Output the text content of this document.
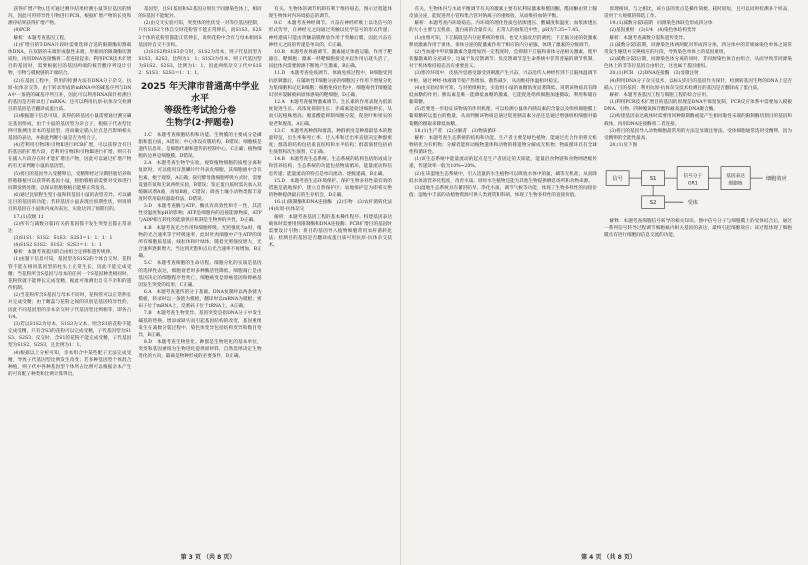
获得扩增产物),还可通过测序结果检测小鼠等位基因的情况，因此可用特异性引物进行PCR，根据扩增产物的长度和测序结果获得扩增产物。

(4)PCR

解析：本题考查基因工程。

(1)扩增目的T-DNA片段时需要选择合适的限制酶切割载体DNA，在双链的末端形成黏性末端，用相同的限制酶切割质粒，再用DNA连接酶将二者连接起来；利用PCR技术扩增目的基因时，需要根据目的基因两端的核苷酸序列设计引物，引物与模板链的3'端结合。

(2)在基因工程中，常用的检测方法有DNA分子杂交、抗原-抗体杂交等，由于转录形成的mRNA中的碱基序列与DNA中一条链的碱基序列互补，因此可以利用RNA探针检测目的基因是否转录出了mRNA；还可以利用抗原-抗体杂交检测目的基因是否翻译成蛋白质。

(3)根据题干信息可知，获得的转基因小鼠需要通过测交确定基因组成，由于小鼠的基因型为杂合子，根据子代表型比例可推测出亲本的基因型，进而确定插入位点是否影响相关基因的表达，并据此判断小鼠是否为纯合子。

(4)若利用引物Ⅰ和引物Ⅱ进行PCR扩增，可以获得含有目的基因的扩增片段，若利用引物Ⅰ和引物Ⅲ进行扩增，则只有在插入片段存在时才能扩增出产物，因此可以通过扩增产物的有无来判断小鼠的基因型。

(5)将目的基因导入受精卵后，受精卵经过早期胚胎培养和胚胎移植可以获得转基因小鼠，胚胎移植前需要对受体进行同期发情处理，以保证胚胎移植后能够正常发育。

(6)通过比较野生型小鼠和转基因小鼠的表型差异，可以确定目的基因的功能；若转基因小鼠表现出预期性状，则说明目的基因在小鼠体内成功表达，实验达到了预期目的。

17.(1)次级 11

(2)所有与减数分裂Ⅰ有关的基因都不发生突变且都正常表达

(3)S1S1：S1S2：S1S3：S2S3＝1：1：1：1

(4)S1S2 S1S2：S1S3：S2S3＝1：1：1

解析：本题考查基因的自由组合定律和遗传规律。

(1)由题干信息可知，基因型为S1S2的个体自交时，花粉管不能在相同基因型的柱头上正常生长，因此不能完成受精；当花粉所含S基因与母本的任何一个S基因种类相同时，花粉管就不能伸长完成受精，据此可推测出自交不亲和的遗传机制。

(2)当花粉所含S基因与母本不同时，花粉管可以正常伸长并完成受精；由于雌蕊与花粉之间的识别是基因特异性的，因此不同基因型的亲本杂交时子代基因型比例相等，即各占1/4。

(3)若以S1S2为母本，S1S3为父本，则含S1的花粉不能完成受精，只有含S3的花粉可以完成受精，子代基因型为S1S3、S2S3；反交时，含S1的花粉不能完成受精，子代基因型为S1S2、S2S3，且比例为1：1。

(4)根据以上分析可知，亲本组合中某些配子无法完成受精，导致子代基因型比例发生改变；若多种基因型个体混合种植，则子代中各种基因型个体所占比例可以根据亲本产生的可育配子种类和比例计算得出。

基因型，且S1基因和S2基因分别位于同源染色体上，相同的S基因不能配对。

(2)由交叉实验可知，突变体的性状受一对等位基因控制，只有S1S2个体自交时花粉管不能正常伸长，而S1S3、S2S3个体的花粉管都能正常伸长，说明花粉中含有与母本相同S基因时自交不亲和。

(3)S1S2和S1S3杂交时，S1S2为母本，则子代基因型为S1S3、S2S3，比例为1：1；S1S3为母本，则子代基因型为S1S2、S2S3，比例为1：1，因此两组杂交子代中S1S2：S1S3：S2S3＝1：1：1。

2025 年天津市普通高中学业水平
等级性考试抢分卷
生物学(2·押题卷)

1.C　本题考查细胞结构和功能。生物膜的主要成分是磷脂和蛋白质，A错误；中心体没有膜结构，B错误；细胞核是遗传信息库，是细胞代谢和遗传的控制中心，C正确；植物细胞的边界是细胞膜，D错误。

2.A　本题考查生物学实验。观察植物细胞的质壁分离和复原时，可以使用洋葱鳞片叶外表皮细胞，其细胞液中含有色素，便于观察，A正确；探究酵母菌细胞呼吸方式时，需要设置有氧和无氧两组实验，B错误；鉴定蛋白质时需先加入双缩脲试剂A液，再加B液，C错误；调查土壤小动物类群丰富度时常用取样器取样法，D错误。

3.D　本题考查酶与ATP。酶具有高效性和专一性，其活性受温度和pH的影响；ATP是细胞内的直接能源物质，ATP与ADP相互转化的能量供应机制是生物界的共性，D正确。

4.B　本题考查光合作用和细胞呼吸。光照强度为a时，植物的光合速率等于呼吸速率，此时叶肉细胞中产生ATP的场所有细胞质基质、线粒体和叶绿体；随着光照强度增大，光合速率逐渐增大，当达到光饱和点后光合速率不再增加，B正确。

5.C　本题考查细胞的生命历程。细胞分化的实质是基因的选择性表达，细胞衰老时多种酶活性降低，细胞凋亡是由基因决定的细胞程序性死亡，细胞癌变是原癌基因和抑癌基因发生突变的结果，C正确。

6.A　本题考查遗传的分子基础。DNA复制时以两条链为模板，转录时以一条链为模板，翻译时以mRNA为模板；密码子位于mRNA上，反密码子位于tRNA上，A正确。

7.B　本题考查生物变异。基因突变是指DNA分子中发生碱基的替换、增添或缺失而引起基因结构的改变，基因重组发生在减数分裂过程中，染色体变异包括结构变异和数目变异，B正确。

8.D　本题考查生物进化。种群是生物进化的基本单位，突变和基因重组为生物进化提供原材料，自然选择决定生物进化的方向，隔离是物种形成的必要条件，D正确。

有关。生物体的调节机制有利于维持稳态，图示过程能体现生物体对内环境稳态的调节。

9.C　本题考查神经调节。兴奋在神经纤维上以电信号的形式传导，在神经元之间通过突触以化学信号的形式传递；神经递质只能由突触前膜释放作用于突触后膜，因此兴奋在神经元之间的传递是单向的，C正确。

10.B　本题考查体液调节。激素通过体液运输，作用于靶器官、靶细胞；激素一经靶细胞接受并起作用后就失活了，因此体内需要源源不断地产生激素，B正确。

11.D　本题考查免疫调节。体液免疫过程中，B细胞受到抗原刺激后，在辅助性T细胞分泌的细胞因子作用下增殖分化为浆细胞和记忆B细胞；细胞免疫过程中，细胞毒性T细胞能识别并裂解被病原体感染的靶细胞，D正确。

12.A　本题考查植物激素调节。生长素的作用表现为低浓度促进生长、高浓度抑制生长；赤霉素能促进细胞伸长，从而引起植株增高；脱落酸能抑制细胞分裂，促进叶和果实的衰老和脱落，A正确。

13.C　本题考查种群和群落。种群密度是种群最基本的数量特征，出生率和死亡率、迁入率和迁出率直接决定种群密度；群落的结构包括垂直结构和水平结构；群落演替包括初生演替和次生演替，C正确。

14.B　本题考查生态系统。生态系统的结构包括组成成分和营养结构，生态系统的功能包括物质循环、能量流动和信息传递；能量流动的特点是单向流动、逐级递减，B正确。

15.D　本题考查生态环境保护。保护生物多样性最有效的措施是就地保护，建立自然保护区；易地保护是为即将灭绝的物种提供最后的生存机会，D正确。

16.(1)限制酶和DNA连接酶　(2)引物　(3)农杆菌转化法　(4)抗原-抗体杂交

解析：本题考查基因工程的基本操作程序。构建基因表达载体时需要用到限制酶和DNA连接酶；PCR扩增目的基因时需要设计引物；将目的基因导入植物细胞常用农杆菌转化法；检测目的基因是否翻译成蛋白质可用抗原-抗体杂交技术。

第 3 页 （共 8 页）

有关。生物体内与水盐平衡调节有关的激素主要有抗利尿激素和醛固酮，醛固酮由肾上腺皮质分泌，能促进肾小管和集合管对钠离子的重吸收，从而维持血钠平衡。

解析：本题考查内环境稳态。内环境的理化性质包括渗透压、酸碱度和温度；血浆渗透压的大小主要与无机盐、蛋白质的含量有关；正常人的血浆近中性，pH为7.35~7.45。

(1)由图可知，下丘脑既是内分泌系统的枢纽，也受大脑皮层的调控；下丘脑分泌的促激素释放激素作用于垂体，垂体分泌的促激素作用于相应的内分泌腺，体现了激素的分级调节。

(2)当血液中甲状腺激素含量增加到一定程度时，会抑制下丘脑和垂体分泌相关激素，使甲状腺激素的分泌减少，这属于负反馈调节；负反馈调节是生命系统中非常普遍的调节机制，对于机体维持稳态具有重要意义。

(3)寒冷环境中，皮肤冷觉感受器受到刺激产生兴奋，兴奋沿传入神经传到下丘脑体温调节中枢，通过神经-体液调节使产热增加、散热减少，从而维持体温相对稳定。

(4)由实验结果可知，与对照组相比，实验组小鼠的血糖浓度显著降低，说明该物质具有降低血糖的作用；胰岛素是唯一能降低血糖的激素，它能促进组织细胞加速摄取、利用和储存葡萄糖。

(5)若要进一步验证该物质的作用机理，可以检测小鼠体内胰岛素的含量以及组织细胞膜上葡萄糖转运蛋白的数量，从而判断该物质是通过促进胰岛素分泌还是通过增强组织细胞对葡萄糖的摄取来降低血糖。

18.(1)生产者　(2)分解者　(3)物质循环

解析：本题考查生态系统的结构和功能。生产者主要是绿色植物，能通过光合作用将无机物转化为有机物；分解者能将动植物遗体和动物的排遗物分解成无机物；物质循环具有全球性和循环性。

(1)该生态系统中能量流动的起点是生产者固定的太阳能，能量沿食物链和食物网逐级传递，传递效率一般为10%~20%。

(2)在该湿地生态系统中，引入适量的水生植物可以吸收水体中的氮、磷等无机盐，从而降低水体富营养化程度，改善水质；同时水生植物还能为其他生物提供栖息场所和食物来源。

(3)湿地生态系统具有蓄洪防旱、净化水质、调节气候等功能，体现了生物多样性的间接价值；湿地中丰富的动植物资源可供人类观赏和科研，体现了生物多样性的直接价值。

原理相同，与之相比，该方法的优点是操作简便、耗时较短，且可以同时检测多个样品，适用于大规模的筛选工作。

19.(1)减数分裂Ⅰ前期　同源染色体联会形成四分体

(2)基因重组　(3)1/4　(4)染色体结构变异

解析：本题考查减数分裂和遗传变异。

(1)减数分裂Ⅰ前期，同源染色体两两配对形成四分体，四分体中的非姐妹染色单体之间常常发生缠绕并交换相应的片段，导致染色单体上的基因重组。

(2)减数分裂Ⅰ后期，同源染色体分离的同时，非同源染色体自由组合，从而导致非同源染色体上的非等位基因自由组合，这也属于基因重组。

20.(1)PCR　(2)DNA连接酶　(3)显微注射

(4)利用DNA分子杂交技术，以标记的目的基因作为探针，检测转基因生物的DNA上是否插入了目的基因；利用抗原-抗体杂交技术检测目的基因是否翻译成了蛋白质。

解析：本题考查基因工程与细胞工程的综合应用。

(1)利用PCR技术扩增目的基因的原理是DNA半保留复制，PCR反应体系中需要加入模板DNA、引物、四种脱氧核苷酸和耐高温的DNA聚合酶。

(2)构建基因表达载体时需要用同种限制酶或能产生相同黏性末端的限制酶切割目的基因和载体，再用DNA连接酶将二者连接。

(3)将目的基因导入动物细胞最常用的方法是显微注射法，受体细胞通常选用受精卵，因为受精卵的全能性最高。

20.(1)见下图

信号	S1	信号分子
GR1
基因表达
细胞核
细胞效应
S2	受体

解释：本题考查细胞信号转导的相关知识。图中信号分子与细胞膜上的受体结合后，通过一系列信号转导过程调节细胞核内相关基因的表达，最终引起细胞效应；该过程体现了细胞膜具有进行细胞间信息交流的功能。

第 4 页 （共 8 页）
